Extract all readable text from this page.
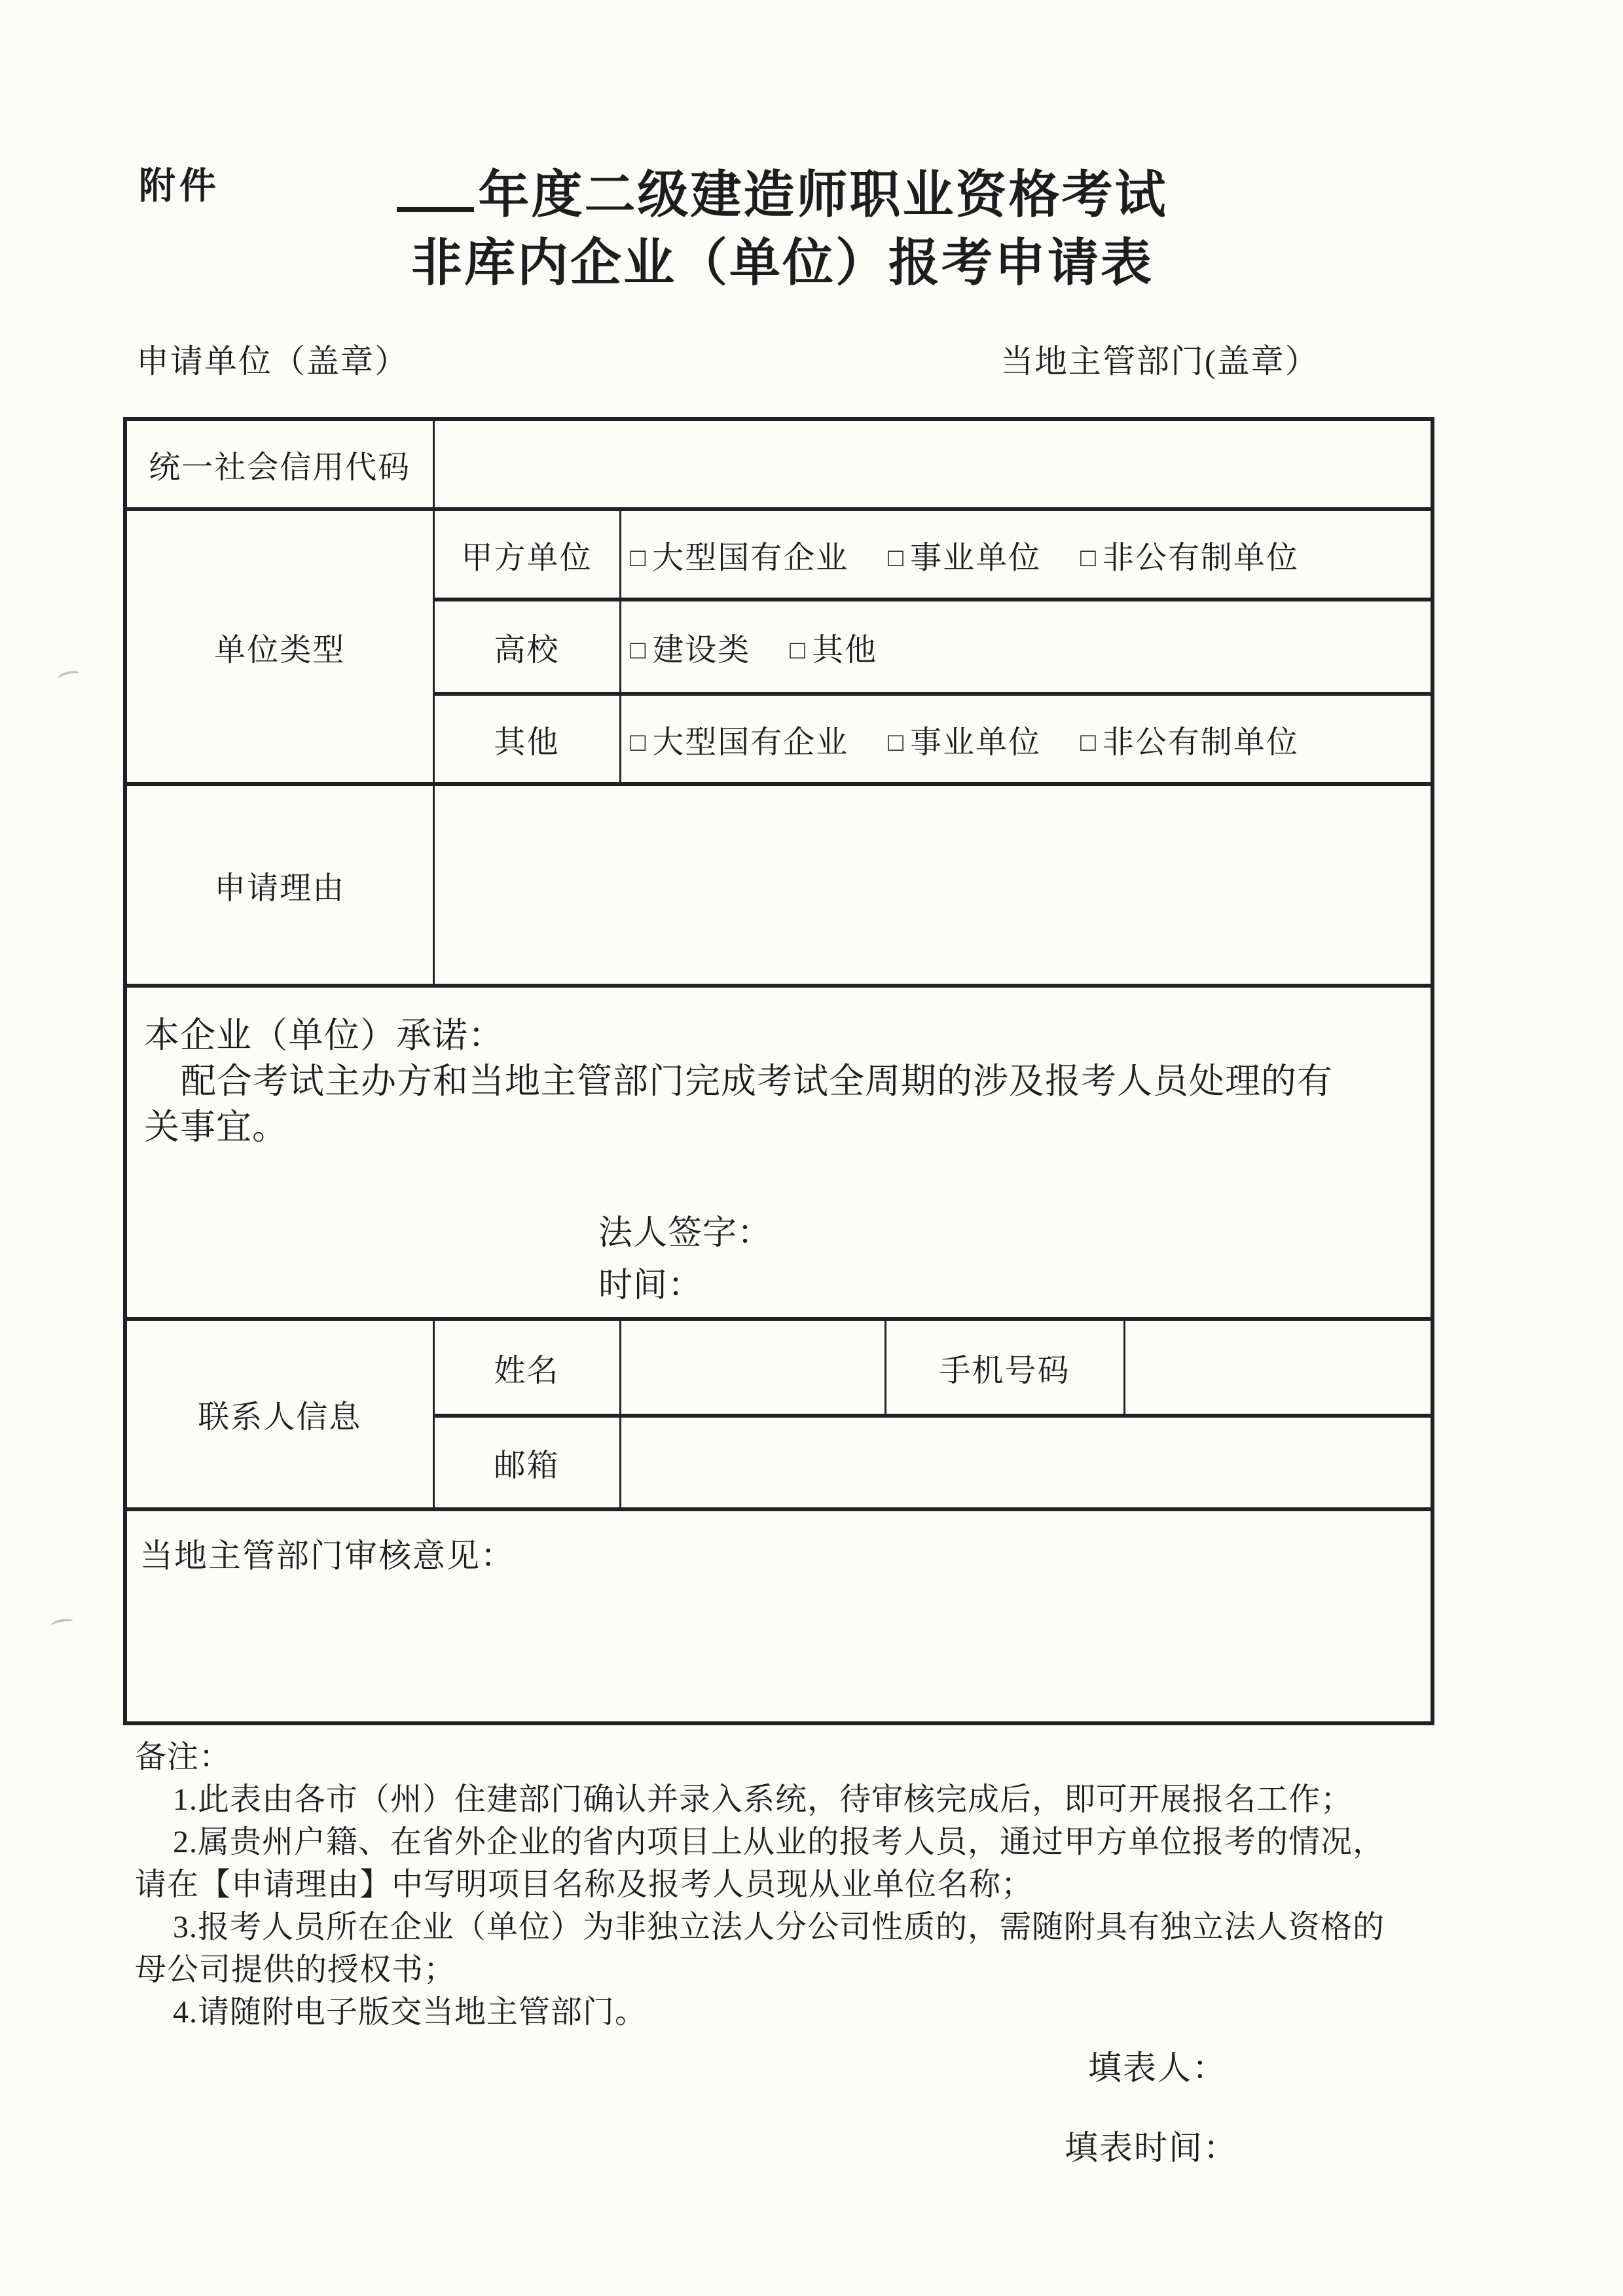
附件	年度二级建造师职业资格考试
非库内企业（单位）报考申请表
申请单位（盖章）	当地主管部门(盖章）
统一社会信用代码				
单位类型	甲方单位	□ 大型国有企业 □ 事业单位 □ 非公有制单位		
	高校	□ 建设类 □ 其他		
	其他	□ 大型国有企业 □ 事业单位 □ 非公有制单位		
申请理由				

本企业（单位）承诺：
配合考试主办方和当地主管部门完成考试全周期的涉及报考人员处理的有
关事宜。
法人签字：
时间：				

联系人信息	姓名		手机号码	
	邮箱			
当地主管部门审核意见：				
备注：
1.此表由各市（州）住建部门确认并录入系统，待审核完成后，即可开展报名工作；
2.属贵州户籍、在省外企业的省内项目上从业的报考人员，通过甲方单位报考的情况，
请在【申请理由】中写明项目名称及报考人员现从业单位名称；
3.报考人员所在企业（单位）为非独立法人分公司性质的，需随附具有独立法人资格的
母公司提供的授权书；
4.请随附电子版交当地主管部门。
填表人：
填表时间：
